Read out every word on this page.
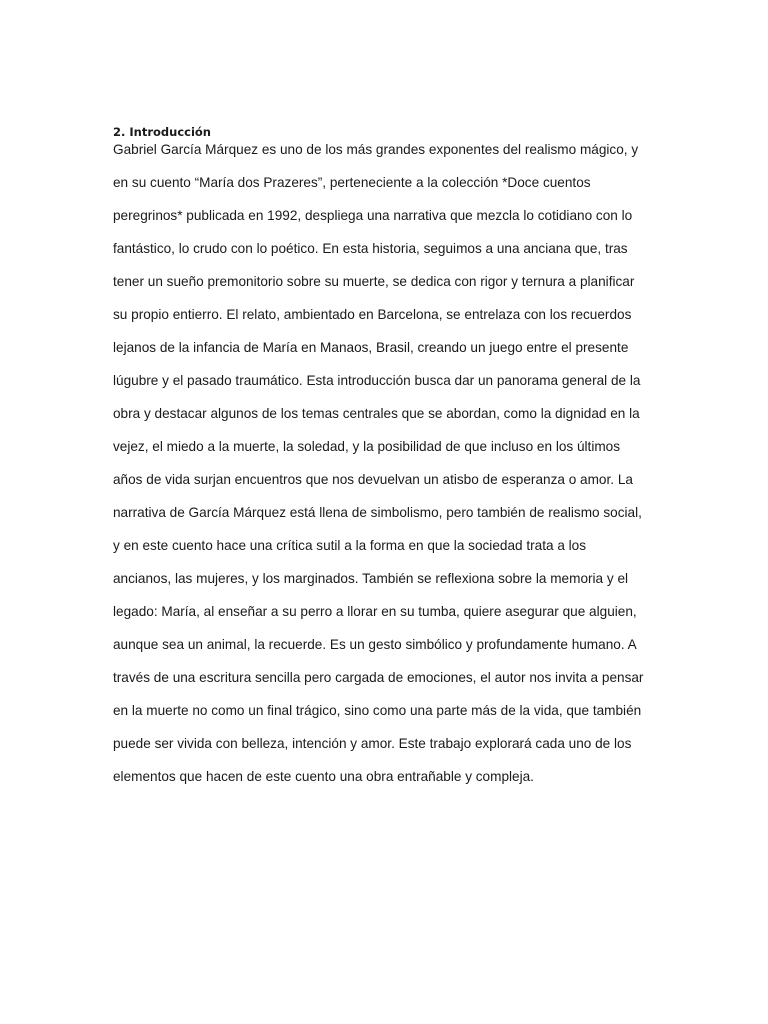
2. Introducción
Gabriel García Márquez es uno de los más grandes exponentes del realismo mágico, y
en su cuento “María dos Prazeres”, perteneciente a la colección *Doce cuentos
peregrinos* publicada en 1992, despliega una narrativa que mezcla lo cotidiano con lo
fantástico, lo crudo con lo poético. En esta historia, seguimos a una anciana que, tras
tener un sueño premonitorio sobre su muerte, se dedica con rigor y ternura a planificar
su propio entierro. El relato, ambientado en Barcelona, se entrelaza con los recuerdos
lejanos de la infancia de María en Manaos, Brasil, creando un juego entre el presente
lúgubre y el pasado traumático. Esta introducción busca dar un panorama general de la
obra y destacar algunos de los temas centrales que se abordan, como la dignidad en la
vejez, el miedo a la muerte, la soledad, y la posibilidad de que incluso en los últimos
años de vida surjan encuentros que nos devuelvan un atisbo de esperanza o amor. La
narrativa de García Márquez está llena de simbolismo, pero también de realismo social,
y en este cuento hace una crítica sutil a la forma en que la sociedad trata a los
ancianos, las mujeres, y los marginados. También se reflexiona sobre la memoria y el
legado: María, al enseñar a su perro a llorar en su tumba, quiere asegurar que alguien,
aunque sea un animal, la recuerde. Es un gesto simbólico y profundamente humano. A
través de una escritura sencilla pero cargada de emociones, el autor nos invita a pensar
en la muerte no como un final trágico, sino como una parte más de la vida, que también
puede ser vivida con belleza, intención y amor. Este trabajo explorará cada uno de los
elementos que hacen de este cuento una obra entrañable y compleja.
